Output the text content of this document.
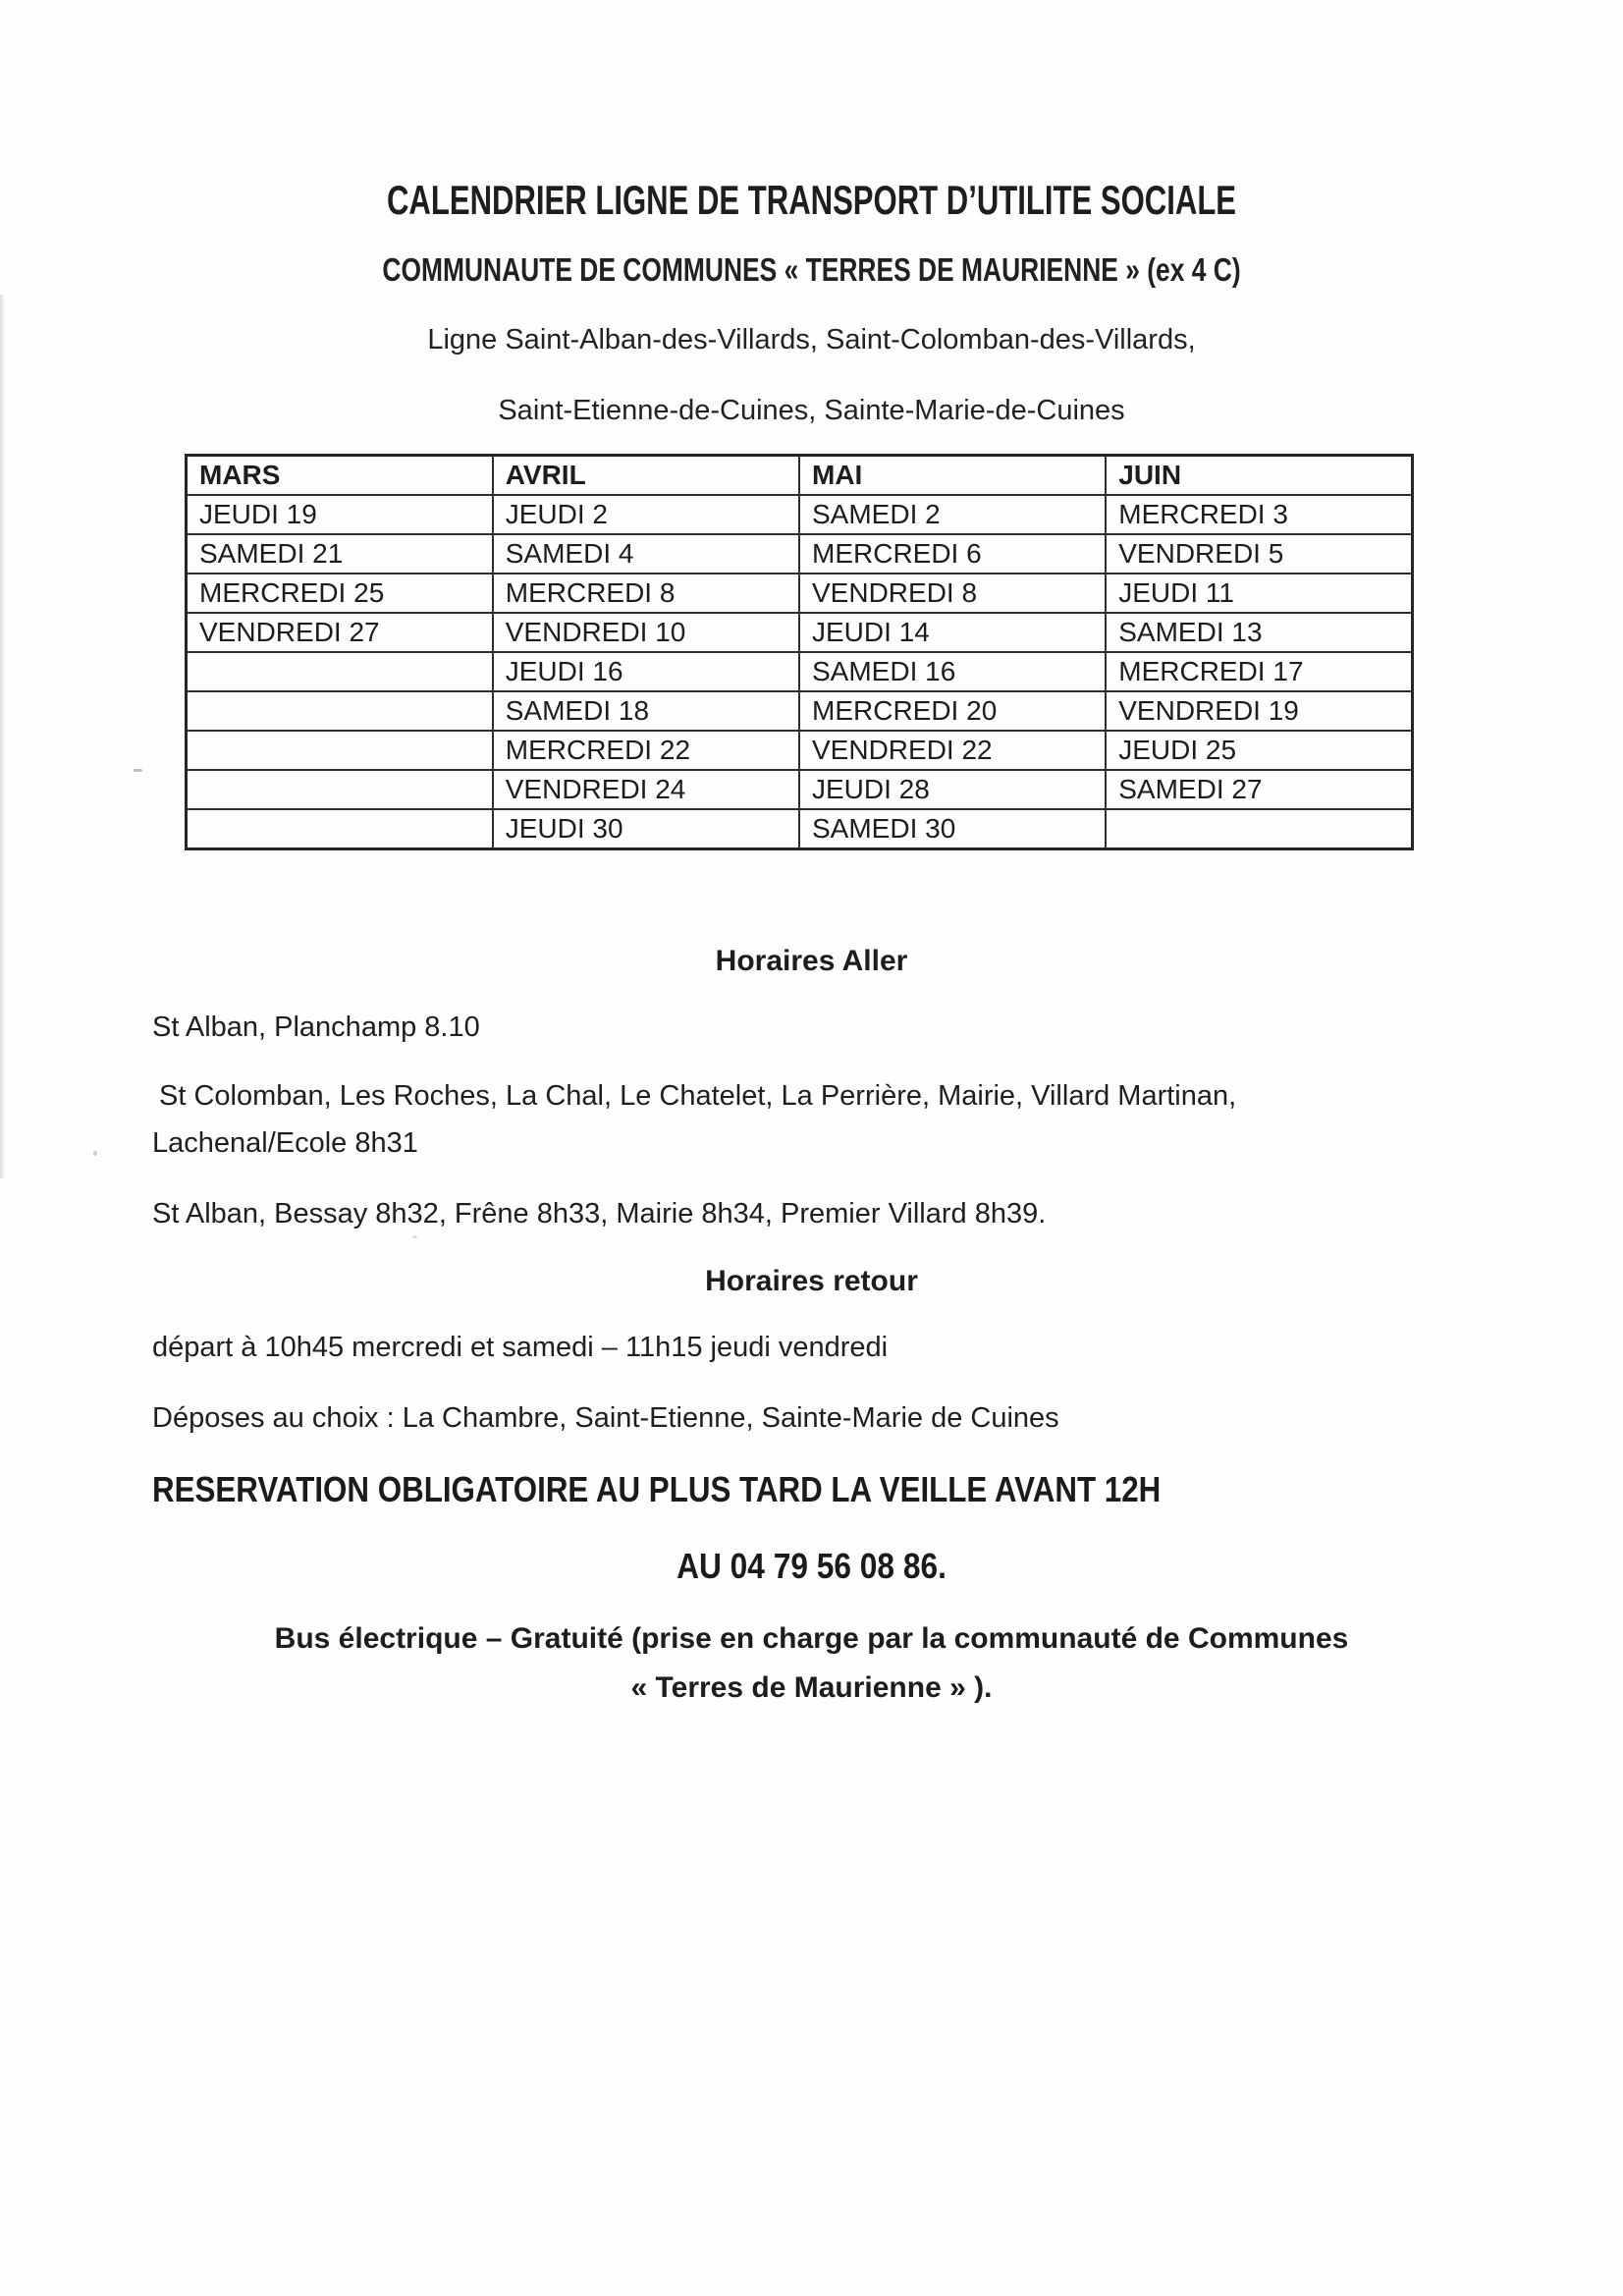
CALENDRIER LIGNE DE TRANSPORT D’UTILITE SOCIALE
COMMUNAUTE DE COMMUNES « TERRES DE MAURIENNE » (ex 4 C)
Ligne Saint-Alban-des-Villards, Saint-Colomban-des-Villards,
Saint-Etienne-de-Cuines, Sainte-Marie-de-Cuines
MARS	AVRIL	MAI	JUIN
JEUDI 19	JEUDI 2	SAMEDI 2	MERCREDI 3
SAMEDI 21	SAMEDI 4	MERCREDI 6	VENDREDI 5
MERCREDI 25	MERCREDI 8	VENDREDI 8	JEUDI 11
VENDREDI 27	VENDREDI 10	JEUDI 14	SAMEDI 13
	JEUDI 16	SAMEDI 16	MERCREDI 17
	SAMEDI 18	MERCREDI 20	VENDREDI 19
	MERCREDI 22	VENDREDI 22	JEUDI 25
	VENDREDI 24	JEUDI 28	SAMEDI 27
	JEUDI 30	SAMEDI 30	
Horaires Aller
St Alban, Planchamp 8.10
St Colomban, Les Roches, La Chal, Le Chatelet, La Perrière, Mairie, Villard Martinan,
Lachenal/Ecole 8h31
St Alban, Bessay 8h32, Frêne 8h33, Mairie 8h34, Premier Villard 8h39.
Horaires retour
départ à 10h45 mercredi et samedi – 11h15 jeudi vendredi
Déposes au choix : La Chambre, Saint-Etienne, Sainte-Marie de Cuines
RESERVATION OBLIGATOIRE AU PLUS TARD LA VEILLE AVANT 12H
AU 04 79 56 08 86.
Bus électrique – Gratuité (prise en charge par la communauté de Communes
« Terres de Maurienne » ).
